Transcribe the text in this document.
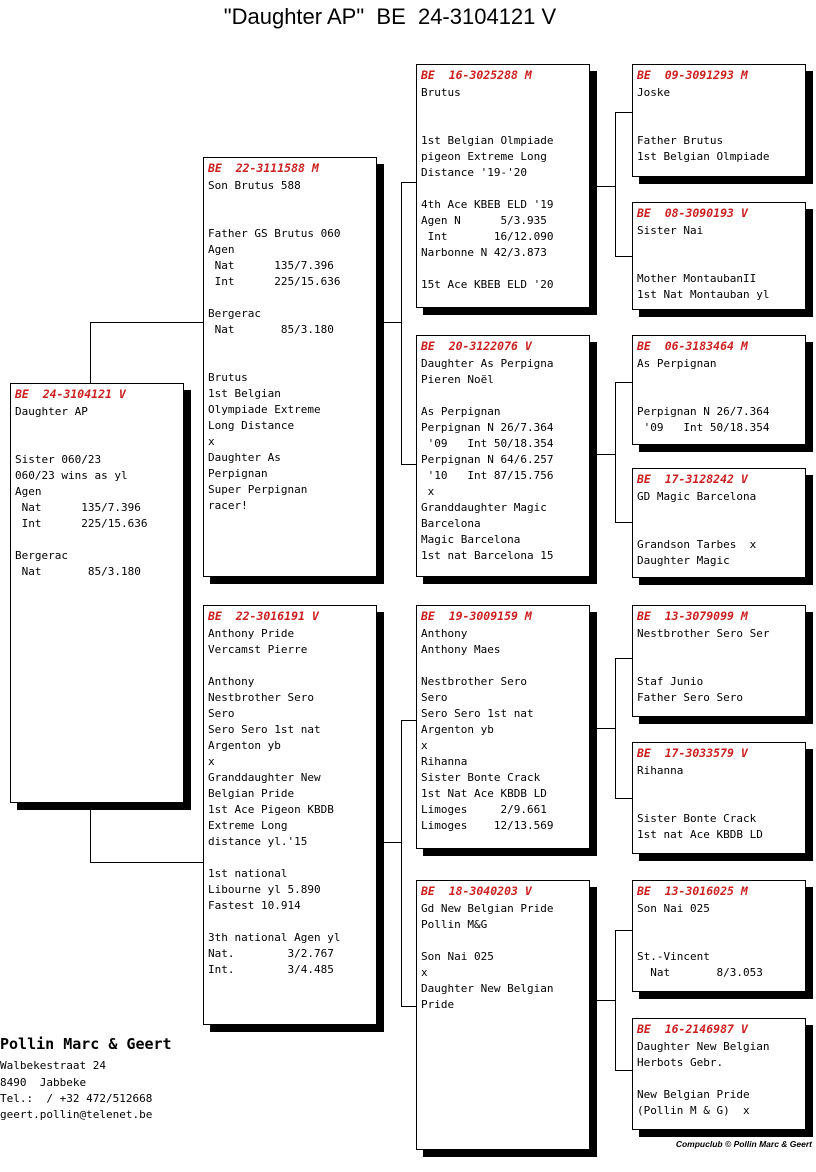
"Daughter AP"  BE  24-3104121 V
BE  24-3104121 V
Daughter AP
Sister 060/23
060/23 wins as yl
Agen
Nat      135/7.396
Int      225/15.636
Bergerac
Nat       85/3.180
BE  22-3111588 M
Son Brutus 588
Father GS Brutus 060
Agen
Nat      135/7.396
Int      225/15.636
Bergerac
Nat       85/3.180
Brutus
1st Belgian
Olympiade Extreme
Long Distance
x
Daughter As
Perpignan
Super Perpignan
racer!
BE  22-3016191 V
Anthony Pride
Vercamst Pierre
Anthony
Nestbrother Sero
Sero
Sero Sero 1st nat
Argenton yb
x
Granddaughter New
Belgian Pride
1st Ace Pigeon KBDB
Extreme Long
distance yl.'15
1st national
Libourne yl 5.890
Fastest 10.914
3th national Agen yl
Nat.        3/2.767
Int.        3/4.485
BE  16-3025288 M
Brutus
1st Belgian Olmpiade
pigeon Extreme Long
Distance '19-'20
4th Ace KBEB ELD '19
Agen N      5/3.935
Int       16/12.090
Narbonne N 42/3.873
15t Ace KBEB ELD '20
BE  20-3122076 V
Daughter As Perpigna
Pieren Noël
As Perpignan
Perpignan N 26/7.364
'09   Int 50/18.354
Perpignan N 64/6.257
'10   Int 87/15.756
x
Granddaughter Magic
Barcelona
Magic Barcelona
1st nat Barcelona 15
BE  19-3009159 M
Anthony
Anthony Maes
Nestbrother Sero
Sero
Sero Sero 1st nat
Argenton yb
x
Rihanna
Sister Bonte Crack
1st Nat Ace KBDB LD
Limoges     2/9.661
Limoges    12/13.569
BE  18-3040203 V
Gd New Belgian Pride
Pollin M&G
Son Nai 025
x
Daughter New Belgian
Pride
BE  09-3091293 M
Joske
Father Brutus
1st Belgian Olmpiade
BE  08-3090193 V
Sister Nai
Mother MontaubanII
1st Nat Montauban yl
BE  06-3183464 M
As Perpignan
Perpignan N 26/7.364
'09   Int 50/18.354
BE  17-3128242 V
GD Magic Barcelona
Grandson Tarbes  x
Daughter Magic
BE  13-3079099 M
Nestbrother Sero Ser
Staf Junio
Father Sero Sero
BE  17-3033579 V
Rihanna
Sister Bonte Crack
1st nat Ace KBDB LD
BE  13-3016025 M
Son Nai 025
St.-Vincent
Nat       8/3.053
BE  16-2146987 V
Daughter New Belgian
Herbots Gebr.
New Belgian Pride
(Pollin M & G)  x
Pollin Marc & Geert
Walbekestraat 24
8490  Jabbeke
Tel.:  / +32 472/512668
geert.pollin@telenet.be
Compuclub © Pollin Marc & Geert
